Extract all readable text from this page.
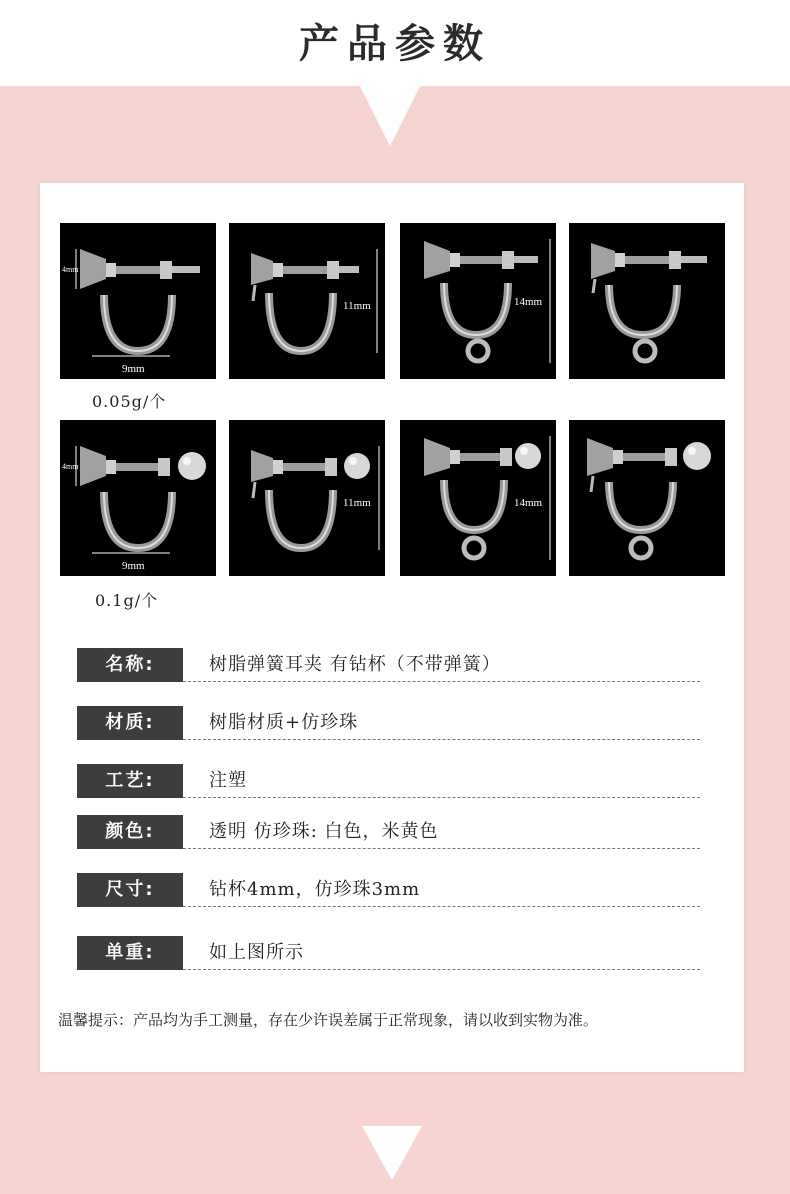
产品参数
4mm
9mm
11mm	14mm
0.05g/个
4mm
9mm
11mm	14mm
0.1g/个
名称:	树脂弹簧耳夹 有钻杯（不带弹簧）
材质:	树脂材质+仿珍珠
工艺:	注塑
颜色:	透明 仿珍珠: 白色，米黄色
尺寸:	钻杯4mm，仿珍珠3mm
单重:	如上图所示
温馨提示：产品均为手工测量，存在少许误差属于正常现象，请以收到实物为准。
